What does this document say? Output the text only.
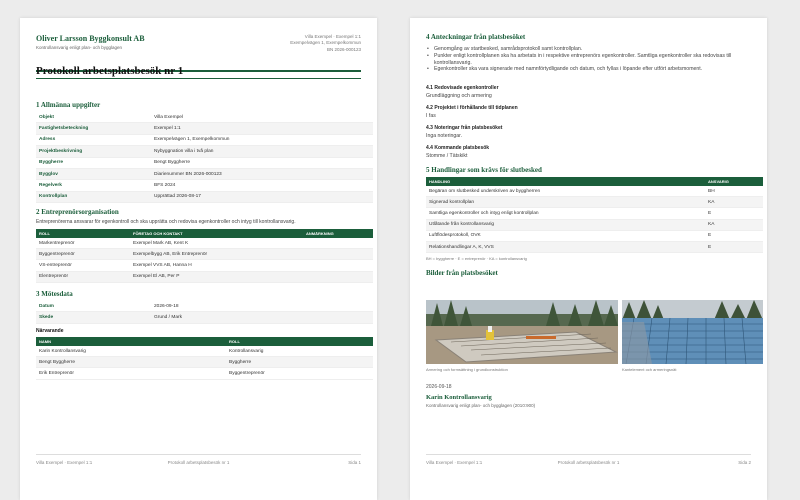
Oliver Larsson Byggkonsult AB
Kontrollansvarig enligt plan- och bygglagen
Villa Exempel · Exempel 1:1
Exempelvägen 1, Exempelkommun
BN 2026-000123
Protokoll arbetsplatsbesök nr 1
1 Allmänna uppgifter
Objekt	Villa Exempel
Fastighetsbeteckning	Exempel 1:1
Adress	Exempelvägen 1, Exempelkommun
Projektbeskrivning	Nybyggnation villa i två plan
Byggherre	Bengt Byggherre
Bygglov	Diarienummer BN 2026-000123
Regelverk	BFS 2024
Kontrollplan	Upprättad 2026-08-17
2 Entreprenörsorganisation
Entreprenörerna ansvarar för egenkontroll och ska upprätta och redovisa egenkontroller och intyg till kontrollansvarig.
ROLL	FÖRETAG OCH KONTAKT	ANMÄRKNING
Markentreprenör	Exempel Mark AB, Kent K
Byggentreprenör	Exempelbygg AB, Erik Entreprenör
VS-entreprenör	Exempel VVS AB, Hanna H
Elentreprenör	Exempel El AB, Per P
3 Mötesdata
Datum	2026-09-18
Skede	Grund / Mark
Närvarande
NAMN	ROLL
Karin Kontrollansvarig	Kontrollansvarig
Bengt Byggherre	Byggherre
Erik Entreprenör	Byggentreprenör
Villa Exempel · Exempel 1:1	Protokoll arbetsplatsbesök nr 1	Sida 1
4 Anteckningar från platsbesöket
• Genomgång av startbesked, samrådsprotokoll samt kontrollplan.
• Punkter enligt kontrollplanen ska ha arbetats in i respektive entreprenörs egenkontroller. Samtliga egenkontroller ska redovisas till kontrollansvarig.
• Egenkontroller ska vara signerade med namnförtydligande och datum, och fyllas i löpande efter utfört arbetsmoment.
4.1 Redovisade egenkontroller
Grundläggning och armering
4.2 Projektet i förhållande till tidplanen
I fas
4.3 Noteringar från platsbesöket
Inga noteringar.
4.4 Kommande platsbesök
Stomme / Tätskikt
5 Handlingar som krävs för slutbesked
HANDLING	ANSVARIG
Begäran om slutbesked underskriven av byggherren	BH
Signerad kontrollplan	KA
Samtliga egenkontroller och intyg enligt kontrollplan	E
Utlåtande från kontrollansvarig	KA
Luftflödesprotokoll, OVK	E
Relationshandlingar A, K, VVS	E
BH = byggherre · E = entreprenör · KA = kontrollansvarig
Bilder från platsbesöket
Armering och formsättning i grundkonstruktion	Kantelement och armeringsnät
2026-09-18
Karin Kontrollansvarig
Kontrollansvarig enligt plan- och bygglagen (2010:900)
Villa Exempel · Exempel 1:1	Protokoll arbetsplatsbesök nr 1	Sida 2
